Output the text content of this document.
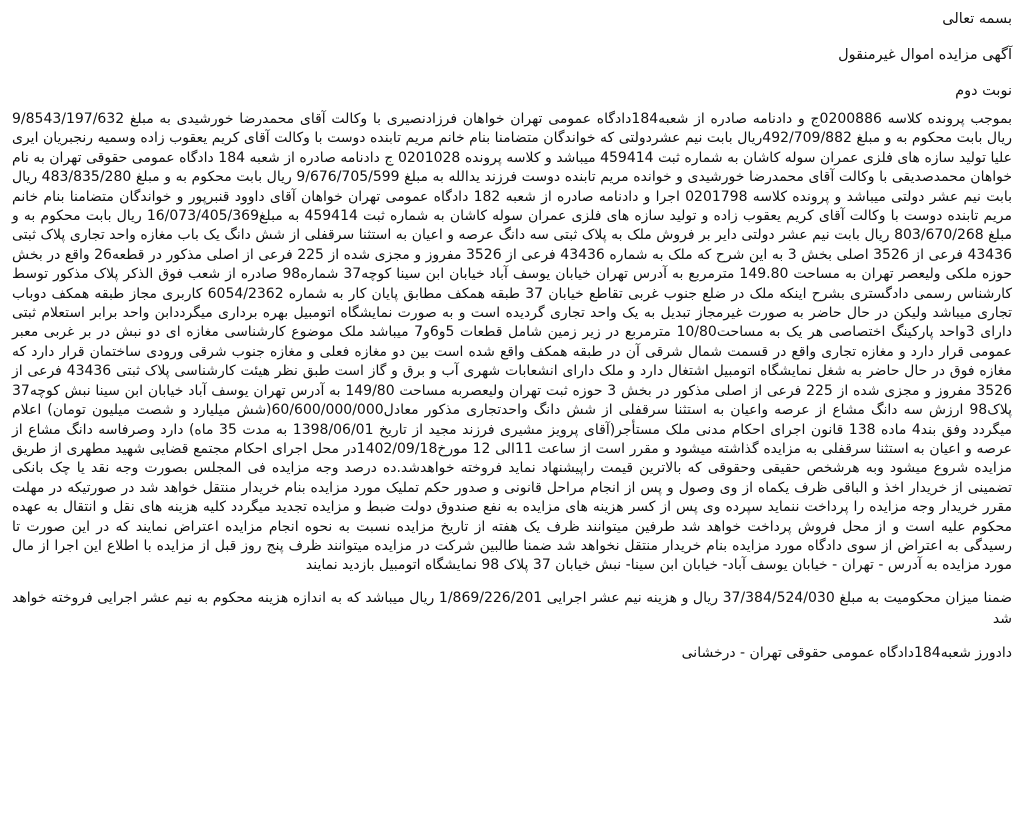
بسمه تعالی

آگهی مزایده اموال غیرمنقول

نوبت دوم

بموجب پرونده کلاسه 0200886ج و دادنامه صادره از شعبه184دادگاه عمومی تهران خواهان فرزادنصیری با وکالت آقای محمدرضا خورشیدی به مبلغ 9/8543/197/632 ریال بابت محکوم به و مبلغ 492/709/882ریال بابت نیم عشردولتی که خواندگان متضامنا بنام خانم مریم تابنده دوست با وکالت آقای کریم یعقوب زاده وسمیه رنجبریان ایری علیا تولید سازه های فلزی عمران سوله کاشان به شماره ثبت 459414 میباشد و کلاسه پرونده 0201028 ج دادنامه صادره از شعبه 184 دادگاه عمومی حقوقی تهران به نام خواهان محمدصدیقی با وکالت آقای محمدرضا خورشیدی و خوانده مریم تابنده دوست فرزند یدالله به مبلغ 9/676/705/599 ریال بابت محکوم به و مبلغ 483/835/280 ریال بابت نیم عشر دولتی میباشد و پرونده کلاسه 0201798 اجرا و دادنامه صادره از شعبه 182 دادگاه عمومی تهران خواهان آقای داوود قنبرپور و خواندگان متضامنا بنام خانم مریم تابنده دوست با وکالت آقای کریم یعقوب زاده و تولید سازه های فلزی عمران سوله کاشان به شماره ثبت 459414 به مبلغ16/073/405/369 ریال بابت محکوم به و مبلغ 803/670/268 ریال بابت نیم عشر دولتی دایر بر فروش ملک به پلاک ثبتی سه دانگ عرصه و اعیان به استثنا سرقفلی از شش دانگ یک باب مغازه واحد تجاری پلاک ثبتی 43436 فرعی از 3526 اصلی بخش 3 به این شرح که ملک به شماره 43436 فرعی از 3526 مفروز و مجزی شده از 225 فرعی از اصلی مذکور در قطعه26 واقع در بخش حوزه ملکی ولیعصر تهران به مساحت 149.80 مترمربع به آدرس تهران خیابان یوسف آباد خیابان ابن سینا کوچه37 شماره98 صادره از شعب فوق الذکر پلاک مذکور توسط کارشناس رسمی دادگستری بشرح اینکه ملک در ضلع جنوب غربی تقاطع خیابان 37 طبقه همکف مطابق پایان کار به شماره 6054/2362 کاربری مجاز طبقه همکف دوباب تجاری میباشد ولیکن در حال حاضر به صورت غیرمجاز تبدیل به یک واحد تجاری گردیده است و به صورت نمایشگاه اتومبیل بهره برداری میگرددابن واحد برابر استعلام ثبتی دارای 3واحد پارکینگ اختصاصی هر یک به مساحت10/80 مترمربع در زیر زمین شامل قطعات 5و6و7 میباشد ملک موضوع کارشناسی مغازه ای دو نبش در بر غربی معبر عمومی قرار دارد و مغازه تجاری واقع در قسمت شمال شرقی آن در طبقه همکف واقع شده است بین دو مغازه فعلی و مغازه جنوب شرقی ورودی ساختمان قرار دارد که مغازه فوق در حال حاضر به شغل نمایشگاه اتومبیل اشتغال دارد و ملک دارای انشعابات شهری آب و برق و گاز است طبق نظر هیئت کارشناسی پلاک ثبتی 43436 فرعی از 3526 مفروز و مجزی شده از 225 فرعی از اصلی مذکور در بخش 3 حوزه ثبت تهران ولیعصربه مساحت 149/80 به آدرس تهران یوسف آباد خیابان ابن سینا نبش کوچه37 پلاک98 ارزش سه دانگ مشاع از عرصه واعیان به استثنا سرقفلی از شش دانگ واحدتجاری مذکور معادل60/600/000/000(شش میلیارد و شصت میلیون تومان) اعلام میگردد وفق بند4 ماده 138 قانون اجرای احکام مدنی ملک مستأجر(آقای پرویز مشیری فرزند مجید از تاریخ 1398/06/01 به مدت 35 ماه) دارد وصرفاسه دانگ مشاع از عرصه و اعیان به استثنا سرقفلی به مزایده گذاشته میشود و مقرر است از ساعت 11الی 12 مورخ1402/09/18در محل اجرای احکام مجتمع قضایی شهید مطهری از طریق مزایده شروع میشود وبه هرشخص حقیقی وحقوقی که بالاترین قیمت راپیشنهاد نماید فروخته خواهدشد.ده درصد وجه مزایده فی المجلس بصورت وجه نقد یا چک بانکی تضمینی از خریدار اخذ و الباقی ظرف یکماه از وی وصول و پس از انجام مراحل قانونی و صدور حکم تملیک مورد مزایده بنام خریدار منتقل خواهد شد در صورتیکه در مهلت مقرر خریدار وجه مزایده را پرداخت ننماید سپرده وی پس از کسر هزینه های مزایده به نفع صندوق دولت ضبط و مزایده تجدید میگردد کلیه هزینه های نقل و انتقال به عهده محکوم علیه است و از محل فروش پرداخت خواهد شد طرفین میتوانند ظرف یک هفته از تاریخ مزایده نسبت به نحوه انجام مزایده اعتراض نمایند که در این صورت تا رسیدگی به اعتراض از سوی دادگاه مورد مزایده بنام خریدار منتقل نخواهد شد ضمنا طالبین شرکت در مزایده میتوانند ظرف پنج روز قبل از مزایده با اطلاع این اجرا از مال مورد مزایده به آدرس - تهران - خیابان یوسف آباد- خیابان ابن سینا- نبش خیابان 37 پلاک 98 نمایشگاه اتومبیل بازدید نمایند

ضمنا میزان محکومیت به مبلغ 37/384/524/030 ریال و هزینه نیم عشر اجرایی 1/869/226/201 ریال میباشد که به اندازه هزینه محکوم به نیم عشر اجرایی فروخته خواهد شد

دادورز شعبه184دادگاه عمومی حقوقی تهران - درخشانی
